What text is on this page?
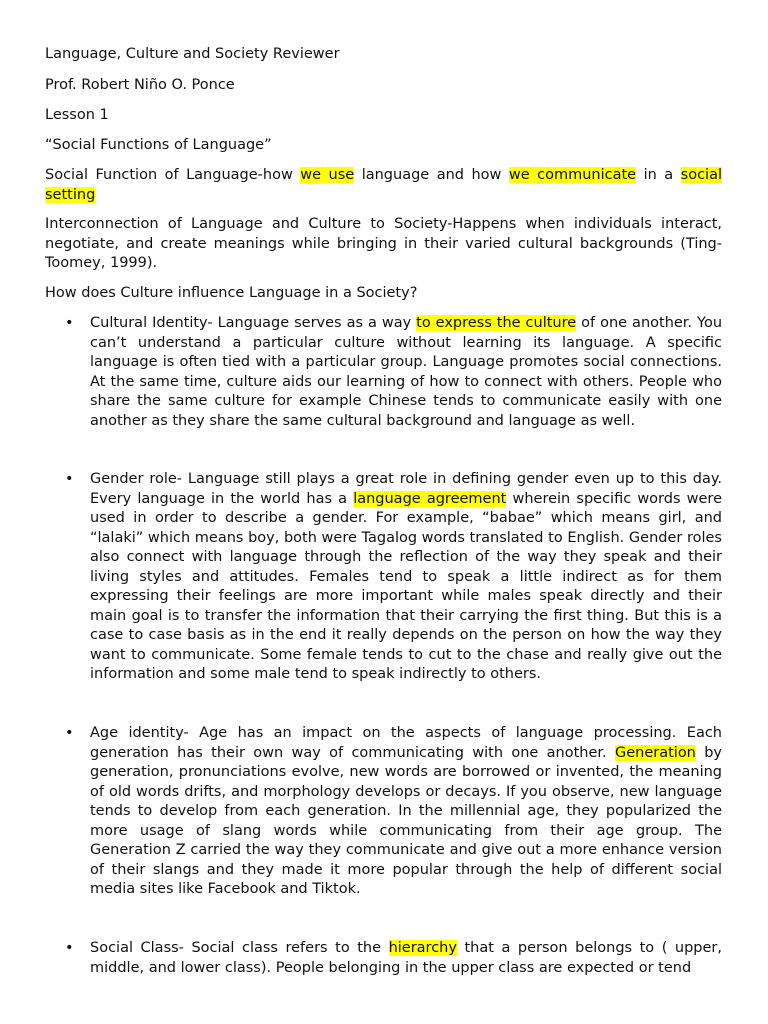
Language, Culture and Society Reviewer
Prof. Robert Niño O. Ponce
Lesson 1
“Social Functions of Language”
Social Function of Language-how we use language and how we communicate in a social setting
Interconnection of Language and Culture to Society-Happens when individuals interact, negotiate, and create meanings while bringing in their varied cultural backgrounds (Ting-Toomey, 1999).
How does Culture influence Language in a Society?
• Cultural Identity- Language serves as a way to express the culture of one another. You can’t understand a particular culture without learning its language. A specific language is often tied with a particular group. Language promotes social connections. At the same time, culture aids our learning of how to connect with others. People who share the same culture for example Chinese tends to communicate easily with one another as they share the same cultural background and language as well.
• Gender role- Language still plays a great role in defining gender even up to this day. Every language in the world has a language agreement wherein specific words were used in order to describe a gender. For example, “babae” which means girl, and “lalaki” which means boy, both were Tagalog words translated to English. Gender roles also connect with language through the reflection of the way they speak and their living styles and attitudes. Females tend to speak a little indirect as for them expressing their feelings are more important while males speak directly and their main goal is to transfer the information that their carrying the first thing. But this is a case to case basis as in the end it really depends on the person on how the way they want to communicate. Some female tends to cut to the chase and really give out the information and some male tend to speak indirectly to others.
• Age identity- Age has an impact on the aspects of language processing. Each generation has their own way of communicating with one another. Generation by generation, pronunciations evolve, new words are borrowed or invented, the meaning of old words drifts, and morphology develops or decays. If you observe, new language tends to develop from each generation. In the millennial age, they popularized the more usage of slang words while communicating from their age group. The Generation Z carried the way they communicate and give out a more enhance version of their slangs and they made it more popular through the help of different social media sites like Facebook and Tiktok.
• Social Class- Social class refers to the hierarchy that a person belongs to ( upper, middle, and lower class). People belonging in the upper class are expected or tend
